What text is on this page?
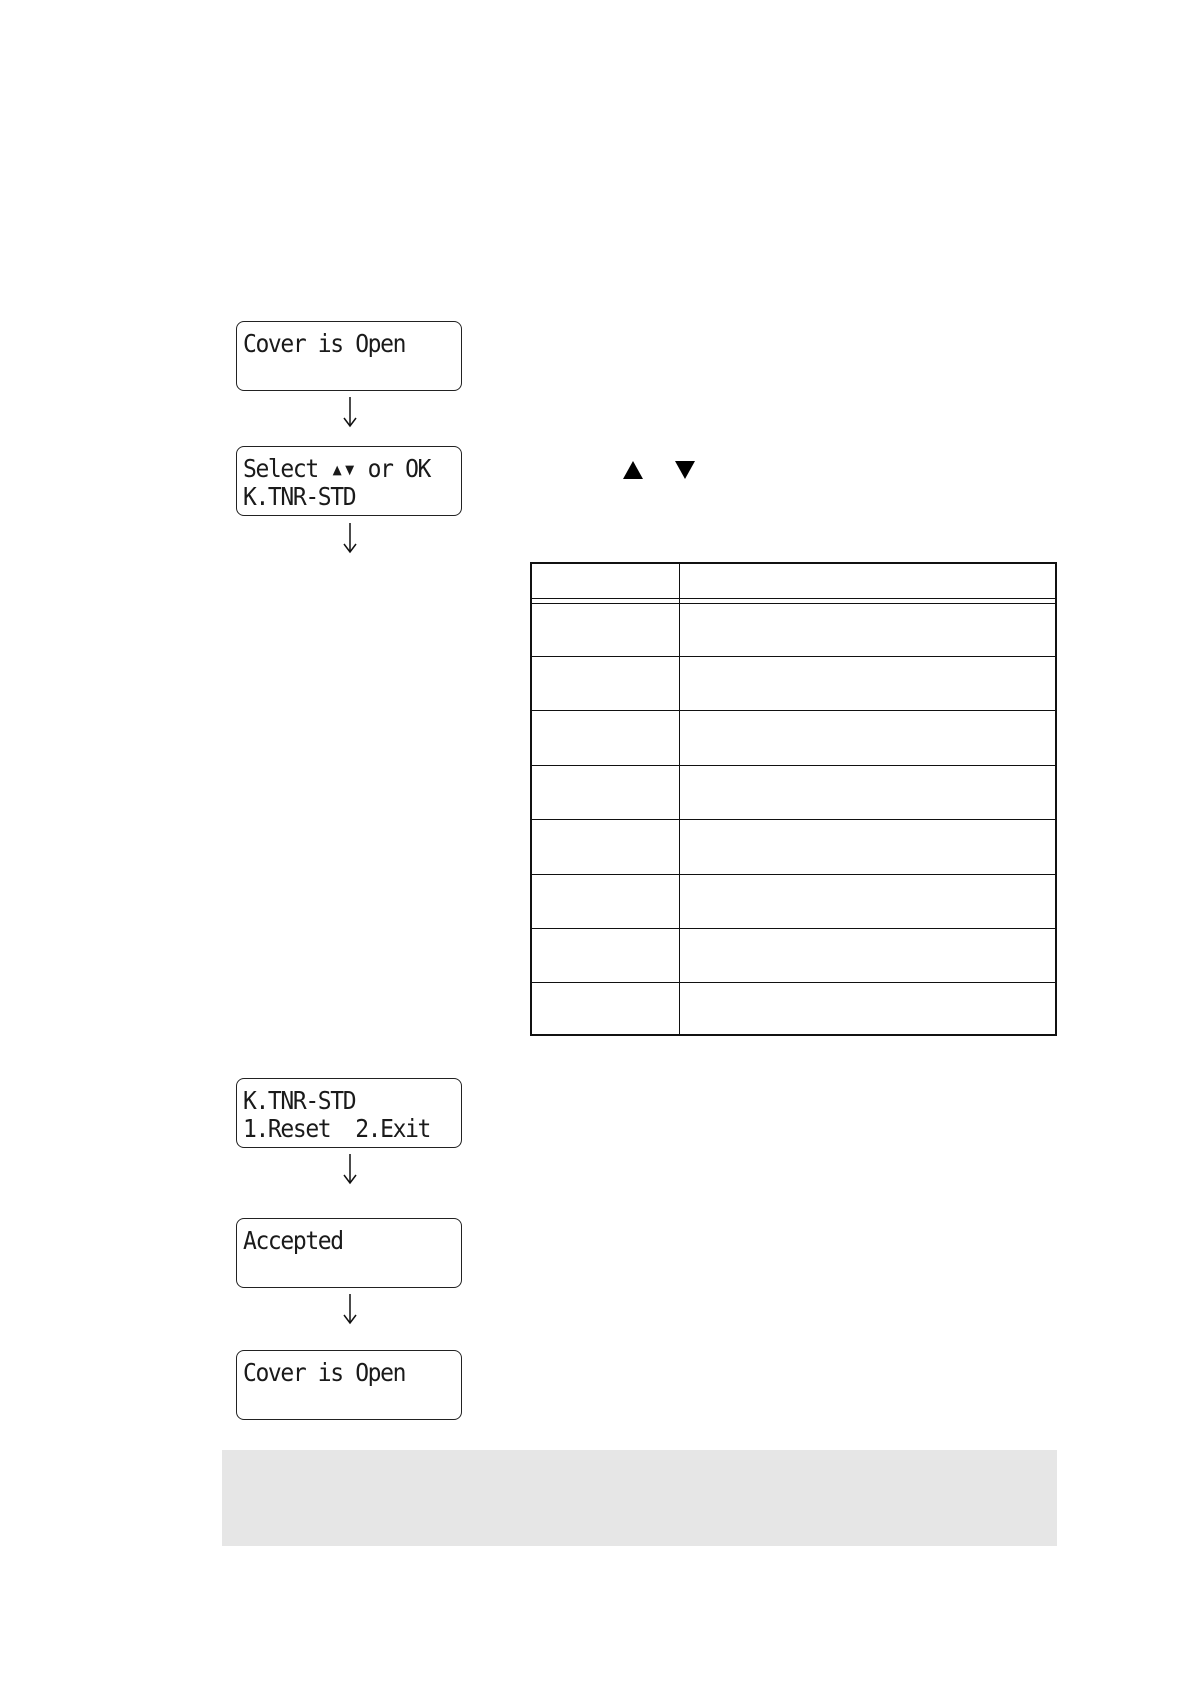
Cover is Open
Select ▴▾ or OK
K.TNR-STD
K.TNR-STD
1.Reset  2.Exit
Accepted
Cover is Open
